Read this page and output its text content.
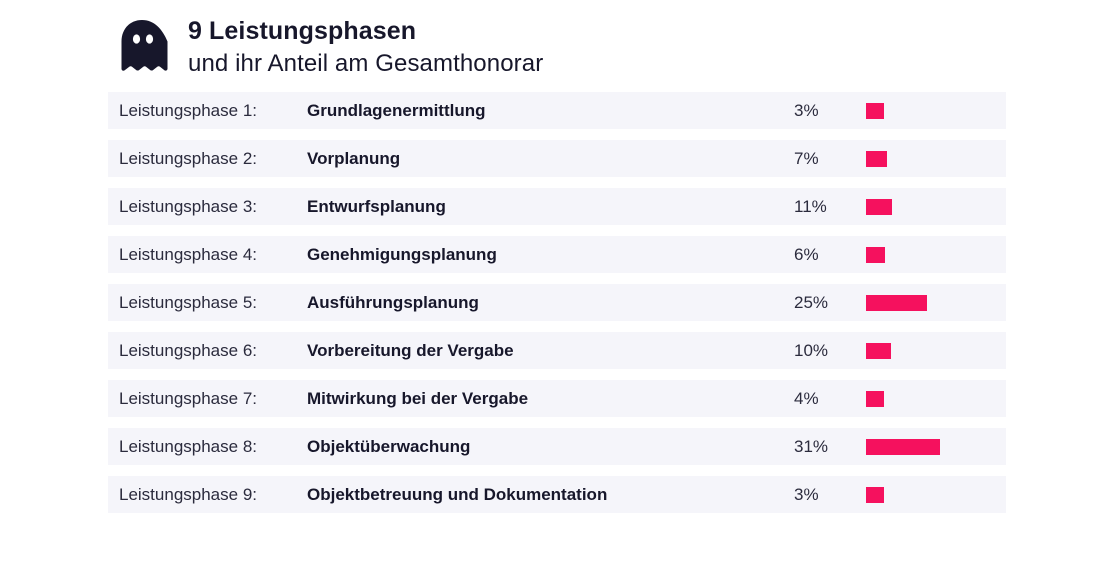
9 Leistungsphasen
und ihr Anteil am Gesamthonorar
Leistungsphase 1:	Grundlagenermittlung	3%
Leistungsphase 2:	Vorplanung	7%
Leistungsphase 3:	Entwurfsplanung	11%
Leistungsphase 4:	Genehmigungsplanung	6%
Leistungsphase 5:	Ausführungsplanung	25%
Leistungsphase 6:	Vorbereitung der Vergabe	10%
Leistungsphase 7:	Mitwirkung bei der Vergabe	4%
Leistungsphase 8:	Objektüberwachung	31%
Leistungsphase 9:	Objektbetreuung und Dokumentation	3%
